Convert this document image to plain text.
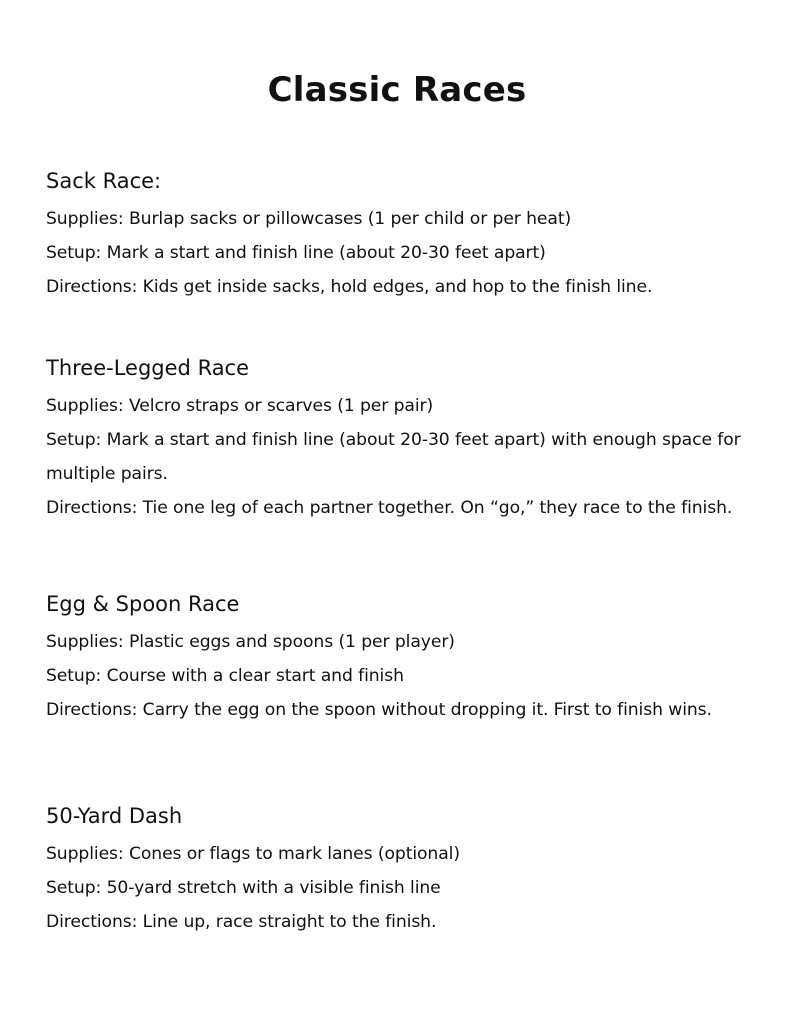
Classic Races
Sack Race:

Supplies: Burlap sacks or pillowcases (1 per child or per heat)

Setup: Mark a start and finish line (about 20-30 feet apart)

Directions: Kids get inside sacks, hold edges, and hop to the finish line.

Three-Legged Race

Supplies: Velcro straps or scarves (1 per pair)

Setup: Mark a start and finish line (about 20-30 feet apart) with enough space for multiple pairs.

Directions: Tie one leg of each partner together. On “go,” they race to the finish.

Egg & Spoon Race

Supplies: Plastic eggs and spoons (1 per player)

Setup: Course with a clear start and finish

Directions: Carry the egg on the spoon without dropping it. First to finish wins.

50-Yard Dash

Supplies: Cones or flags to mark lanes (optional)

Setup: 50-yard stretch with a visible finish line

Directions: Line up, race straight to the finish.
